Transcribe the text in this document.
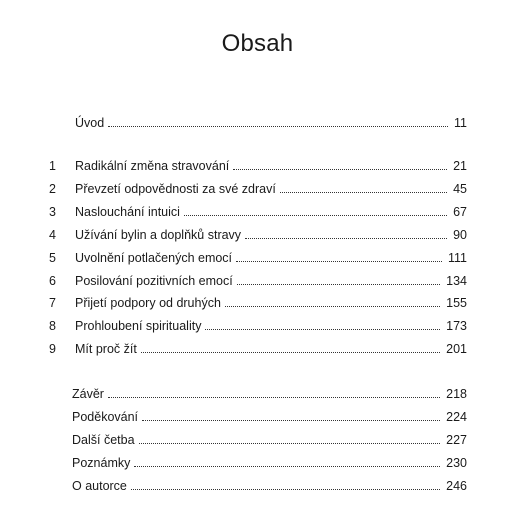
Obsah
Úvod	11
1	Radikální změna stravování	21
2	Převzetí odpovědnosti za své zdraví	45
3	Naslouchání intuici	67
4	Užívání bylin a doplňků stravy	90
5	Uvolnění potlačených emocí	111
6	Posilování pozitivních emocí	134
7	Přijetí podpory od druhých	155
8	Prohloubení spirituality	173
9	Mít proč žít	201
Závěr	218
Poděkování	224
Další četba	227
Poznámky	230
O autorce	246
